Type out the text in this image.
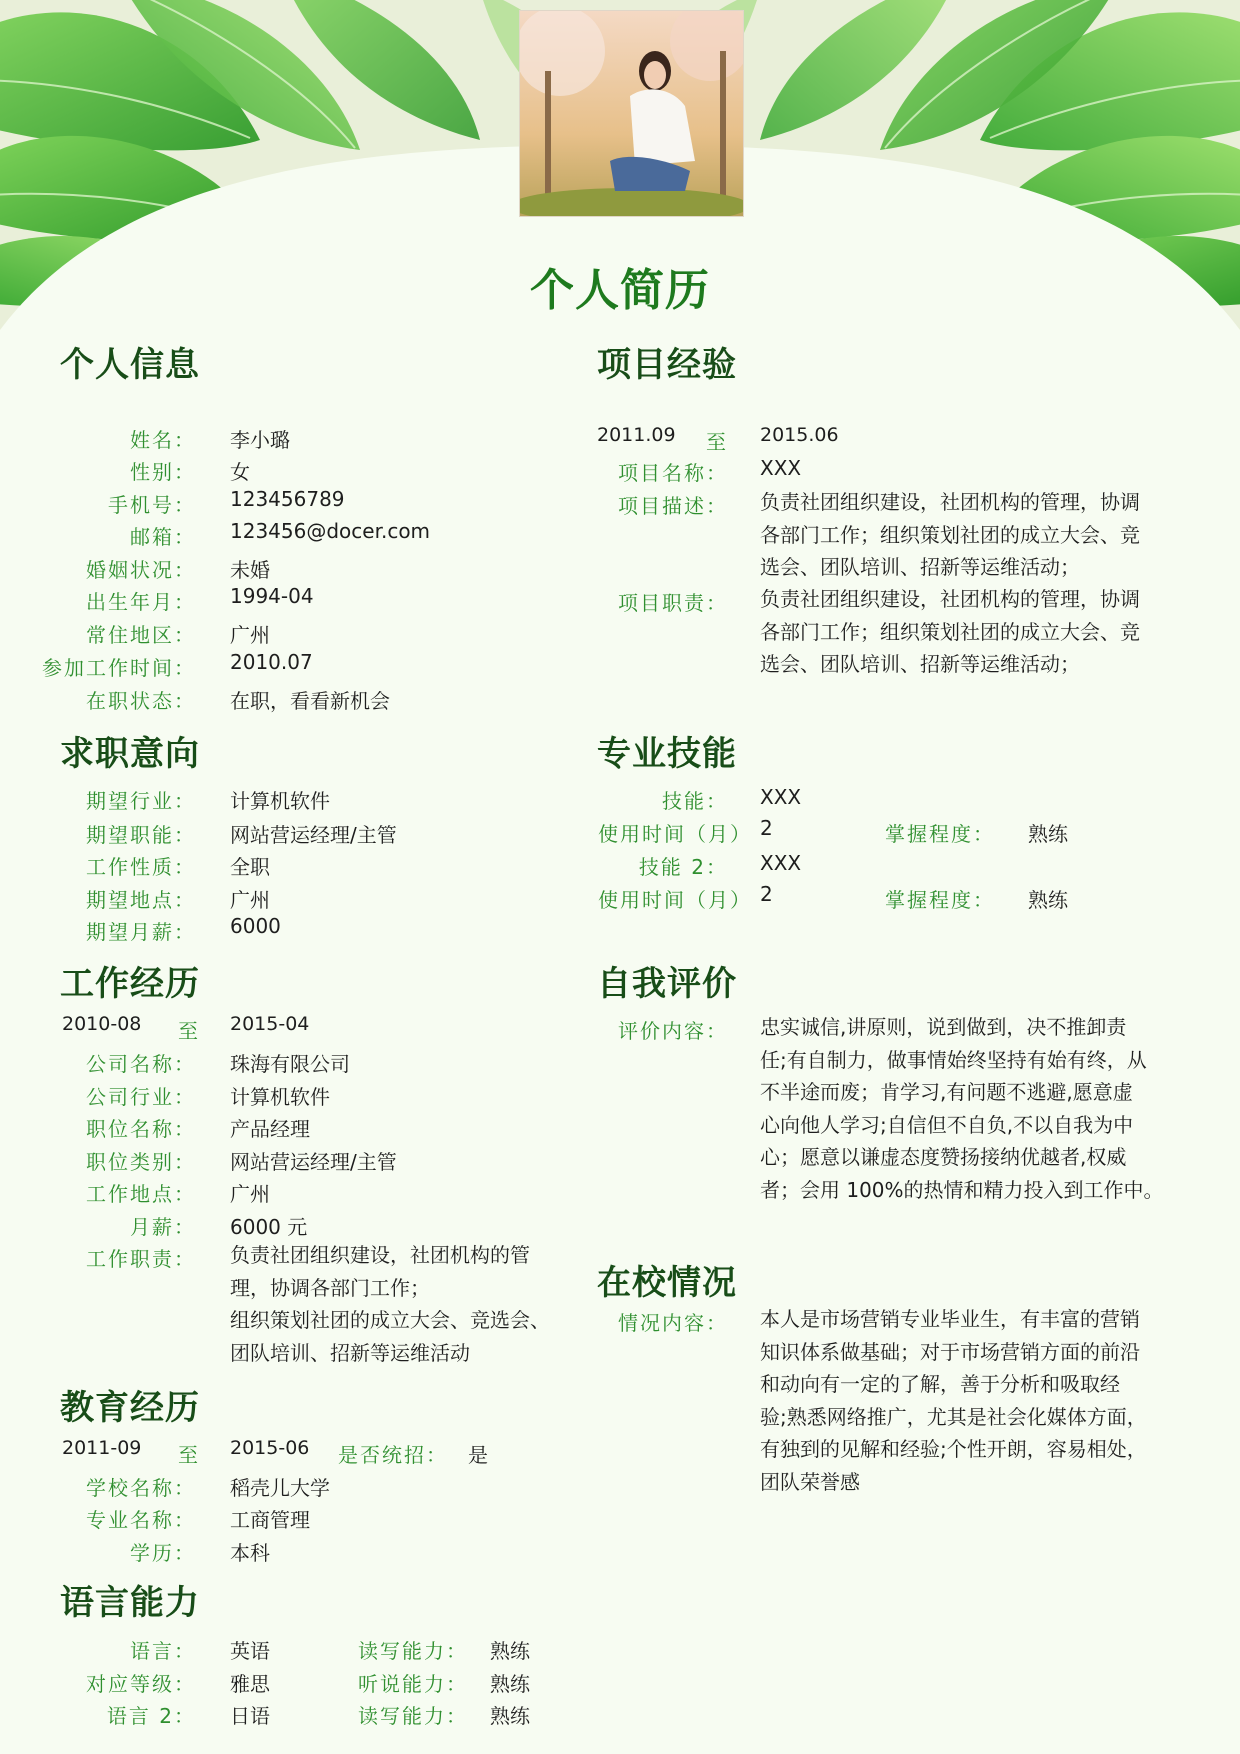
个人简历
个人信息
姓名： 李小璐
性别： 女
手机号： 123456789
邮箱： 123456@docer.com
婚姻状况： 未婚
出生年月： 1994-04
常住地区： 广州
参加工作时间： 2010.07
在职状态： 在职，看看新机会
求职意向
期望行业： 计算机软件
期望职能： 网站营运经理/主管
工作性质： 全职
期望地点： 广州
期望月薪： 6000
工作经历
2010-08 至 2015-04
公司名称： 珠海有限公司
公司行业： 计算机软件
职位名称： 产品经理
职位类别： 网站营运经理/主管
工作地点： 广州
月薪： 6000 元
工作职责： 负责社团组织建设，社团机构的管
理，协调各部门工作；
组织策划社团的成立大会、竞选会、
团队培训、招新等运维活动
教育经历
2011-09 至 2015-06 是否统招： 是
学校名称： 稻壳儿大学
专业名称： 工商管理
学历： 本科
语言能力
语言： 英语	读写能力： 熟练
对应等级： 雅思	听说能力： 熟练
语言 2： 日语	读写能力： 熟练
项目经验
2011.09 至 2015.06
项目名称： XXX
项目描述： 负责社团组织建设，社团机构的管理，协调
各部门工作；组织策划社团的成立大会、竞
选会、团队培训、招新等运维活动；
项目职责： 负责社团组织建设，社团机构的管理，协调
各部门工作；组织策划社团的成立大会、竞
选会、团队培训、招新等运维活动；
专业技能
技能： XXX
使用时间（月） 2	掌握程度： 熟练
技能 2： XXX
使用时间（月） 2	掌握程度： 熟练
自我评价
评价内容： 忠实诚信,讲原则，说到做到，决不推卸责
任;有自制力，做事情始终坚持有始有终，从
不半途而废；肯学习,有问题不逃避,愿意虚
心向他人学习;自信但不自负,不以自我为中
心；愿意以谦虚态度赞扬接纳优越者,权威
者；会用 100%的热情和精力投入到工作中。
在校情况
情况内容： 本人是市场营销专业毕业生，有丰富的营销
知识体系做基础；对于市场营销方面的前沿
和动向有一定的了解，善于分析和吸取经
验;熟悉网络推广，尤其是社会化媒体方面，
有独到的见解和经验;个性开朗，容易相处，
团队荣誉感
